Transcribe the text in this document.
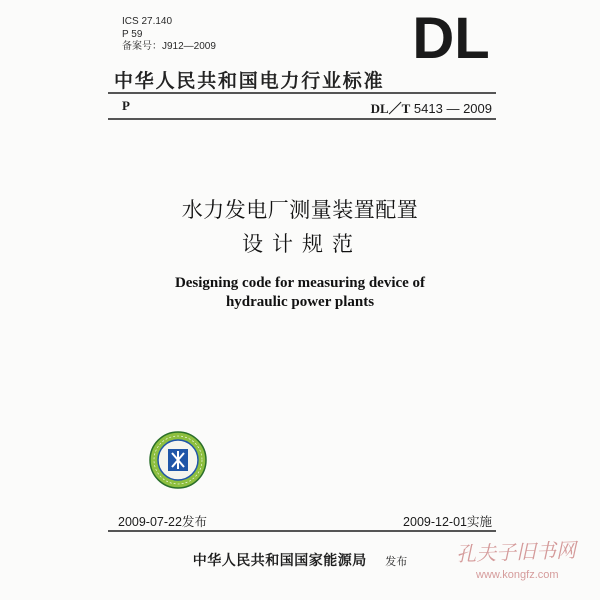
ICS 27.140
P 59
备案号：J912—2009	DL
中华人民共和国电力行业标准
P	DL／T 5413 — 2009
水力发电厂测量装置配置
设计规范
Designing code for measuring device of
hydraulic power plants
2009-07-22发布	2009-12-01实施
中华人民共和国国家能源局 发布	孔夫子旧书网
www.kongfz.com
